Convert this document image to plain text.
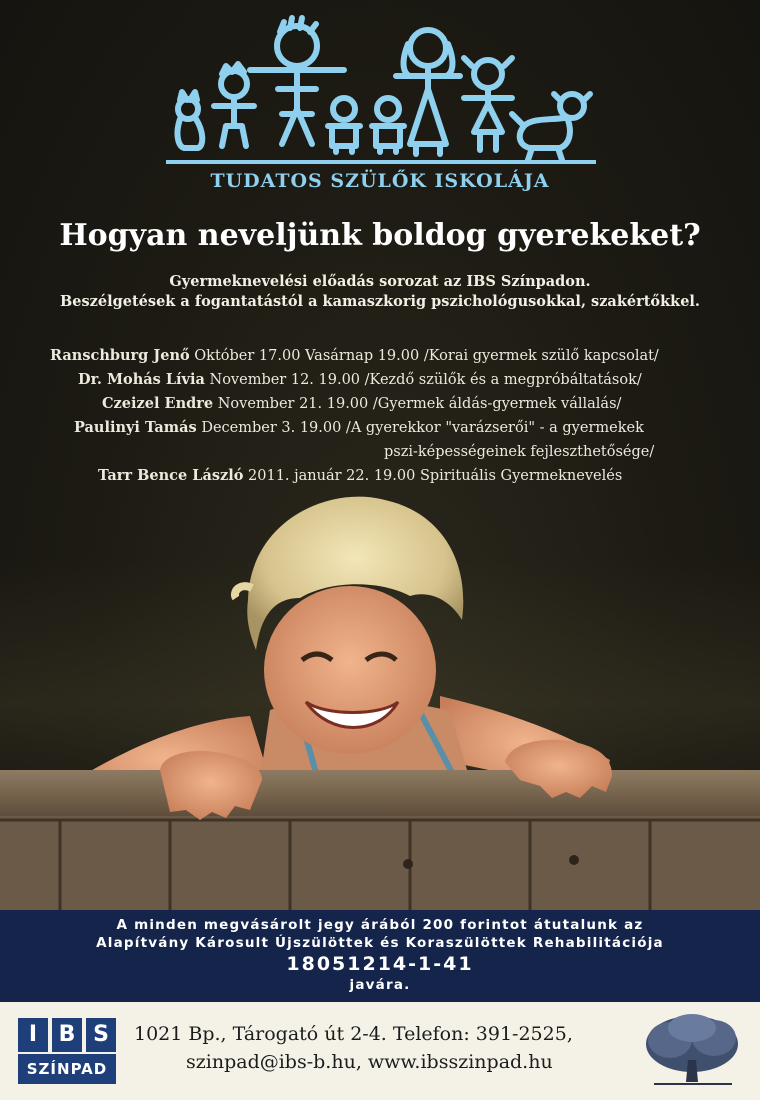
TUDATOS SZÜLŐK ISKOLÁJA
Hogyan neveljünk boldog gyerekeket?
Gyermeknevelési előadás sorozat az IBS Színpadon.
Beszélgetések a fogantatástól a kamaszkorig pszichológusokkal, szakértőkkel.
Ranschburg Jenő Október 17.00 Vasárnap 19.00 /Korai gyermek szülő kapcsolat/
Dr. Mohás Lívia November 12. 19.00 /Kezdő szülők és a megpróbáltatások/
Czeizel Endre November 21. 19.00 /Gyermek áldás-gyermek vállalás/
Paulinyi Tamás December 3. 19.00 /A gyerekkor "varázserői" - a gyermekek
pszi-képességeinek fejleszthetősége/
Tarr Bence László 2011. január 22. 19.00 Spirituális Gyermeknevelés
A minden megvásárolt jegy árából 200 forintot átutalunk az
Alapítvány Károsult Újszülöttek és Koraszülöttek Rehabilitációja
18051214-1-41
javára.
I B S
SZÍNPAD
1021 Bp., Tárogató út 2-4. Telefon: 391-2525,
szinpad@ibs-b.hu, www.ibsszinpad.hu
